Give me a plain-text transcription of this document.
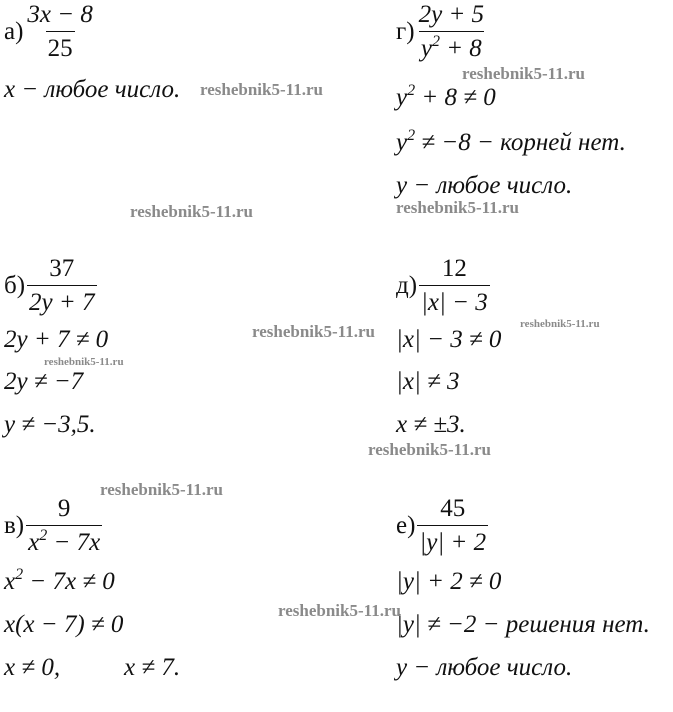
$а) \frac{3x - 8}{25}$
x − любое число.
$г) \frac{2y + 5}{y^2 + 8}$
$y^2 + 8 \ne 0$
$y^2 \ne -8$ − корней нет.
y − любое число.
$б) \frac{37}{2y + 7}$
2y + 7 ≠ 0
2y ≠ −7
y ≠ −3,5.
$д) \frac{12}{|x| - 3}$
|x| − 3 ≠ 0
|x| ≠ 3
x ≠ ±3.
$в) \frac{9}{x^2 - 7x}$
$x^2 - 7x \ne 0$
x(x − 7) ≠ 0
x ≠ 0,	x ≠ 7.
$е) \frac{45}{|y| + 2}$
|y| + 2 ≠ 0
|y| ≠ −2 − решения нет.
y − любое число.
reshebnik5-11.ru
reshebnik5-11.ru
reshebnik5-11.ru	reshebnik5-11.ru
reshebnik5-11.ru	reshebnik5-11.ru
reshebnik5-11.ru
reshebnik5-11.ru
reshebnik5-11.ru
reshebnik5-11.ru
